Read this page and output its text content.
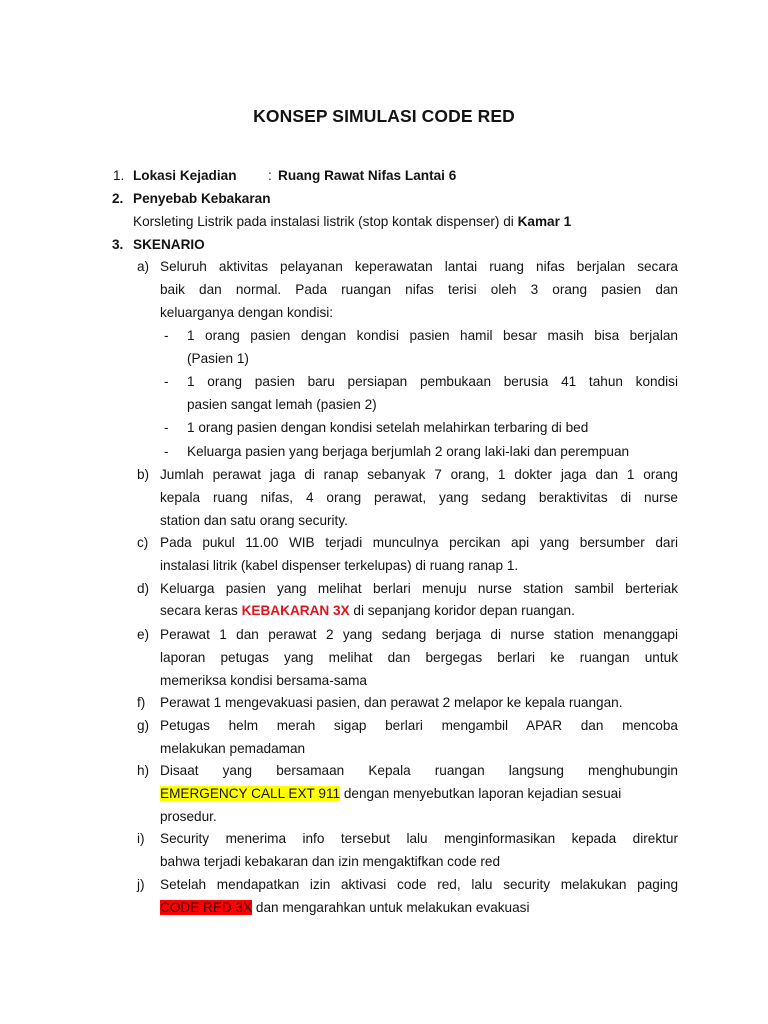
KONSEP SIMULASI CODE RED
1. Lokasi Kejadian : Ruang Rawat Nifas Lantai 6
2. Penyebab Kebakaran
Korsleting Listrik pada instalasi listrik (stop kontak dispenser) di Kamar 1
3. SKENARIO
a) Seluruh aktivitas pelayanan keperawatan lantai ruang nifas berjalan secara
baik dan normal. Pada ruangan nifas terisi oleh 3 orang pasien dan
keluarganya dengan kondisi:
- 1 orang pasien dengan kondisi pasien hamil besar masih bisa berjalan
(Pasien 1)
- 1 orang pasien baru persiapan pembukaan berusia 41 tahun kondisi
pasien sangat lemah (pasien 2)
- 1 orang pasien dengan kondisi setelah melahirkan terbaring di bed
- Keluarga pasien yang berjaga berjumlah 2 orang laki-laki dan perempuan
b) Jumlah perawat jaga di ranap sebanyak 7 orang, 1 dokter jaga dan 1 orang
kepala ruang nifas, 4 orang perawat, yang sedang beraktivitas di nurse
station dan satu orang security.
c) Pada pukul 11.00 WIB terjadi munculnya percikan api yang bersumber dari
instalasi litrik (kabel dispenser terkelupas) di ruang ranap 1.
d) Keluarga pasien yang melihat berlari menuju nurse station sambil berteriak
secara keras KEBAKARAN 3X di sepanjang koridor depan ruangan.
e) Perawat 1 dan perawat 2 yang sedang berjaga di nurse station menanggapi
laporan petugas yang melihat dan bergegas berlari ke ruangan untuk
memeriksa kondisi bersama-sama
f) Perawat 1 mengevakuasi pasien, dan perawat 2 melapor ke kepala ruangan.
g) Petugas helm merah sigap berlari mengambil APAR dan mencoba
melakukan pemadaman
h) Disaat yang bersamaan Kepala ruangan langsung menghubungin
EMERGENCY CALL EXT 911 dengan menyebutkan laporan kejadian sesuai
prosedur.
i) Security menerima info tersebut lalu menginformasikan kepada direktur
bahwa terjadi kebakaran dan izin mengaktifkan code red
j) Setelah mendapatkan izin aktivasi code red, lalu security melakukan paging
CODE RED 3X dan mengarahkan untuk melakukan evakuasi
